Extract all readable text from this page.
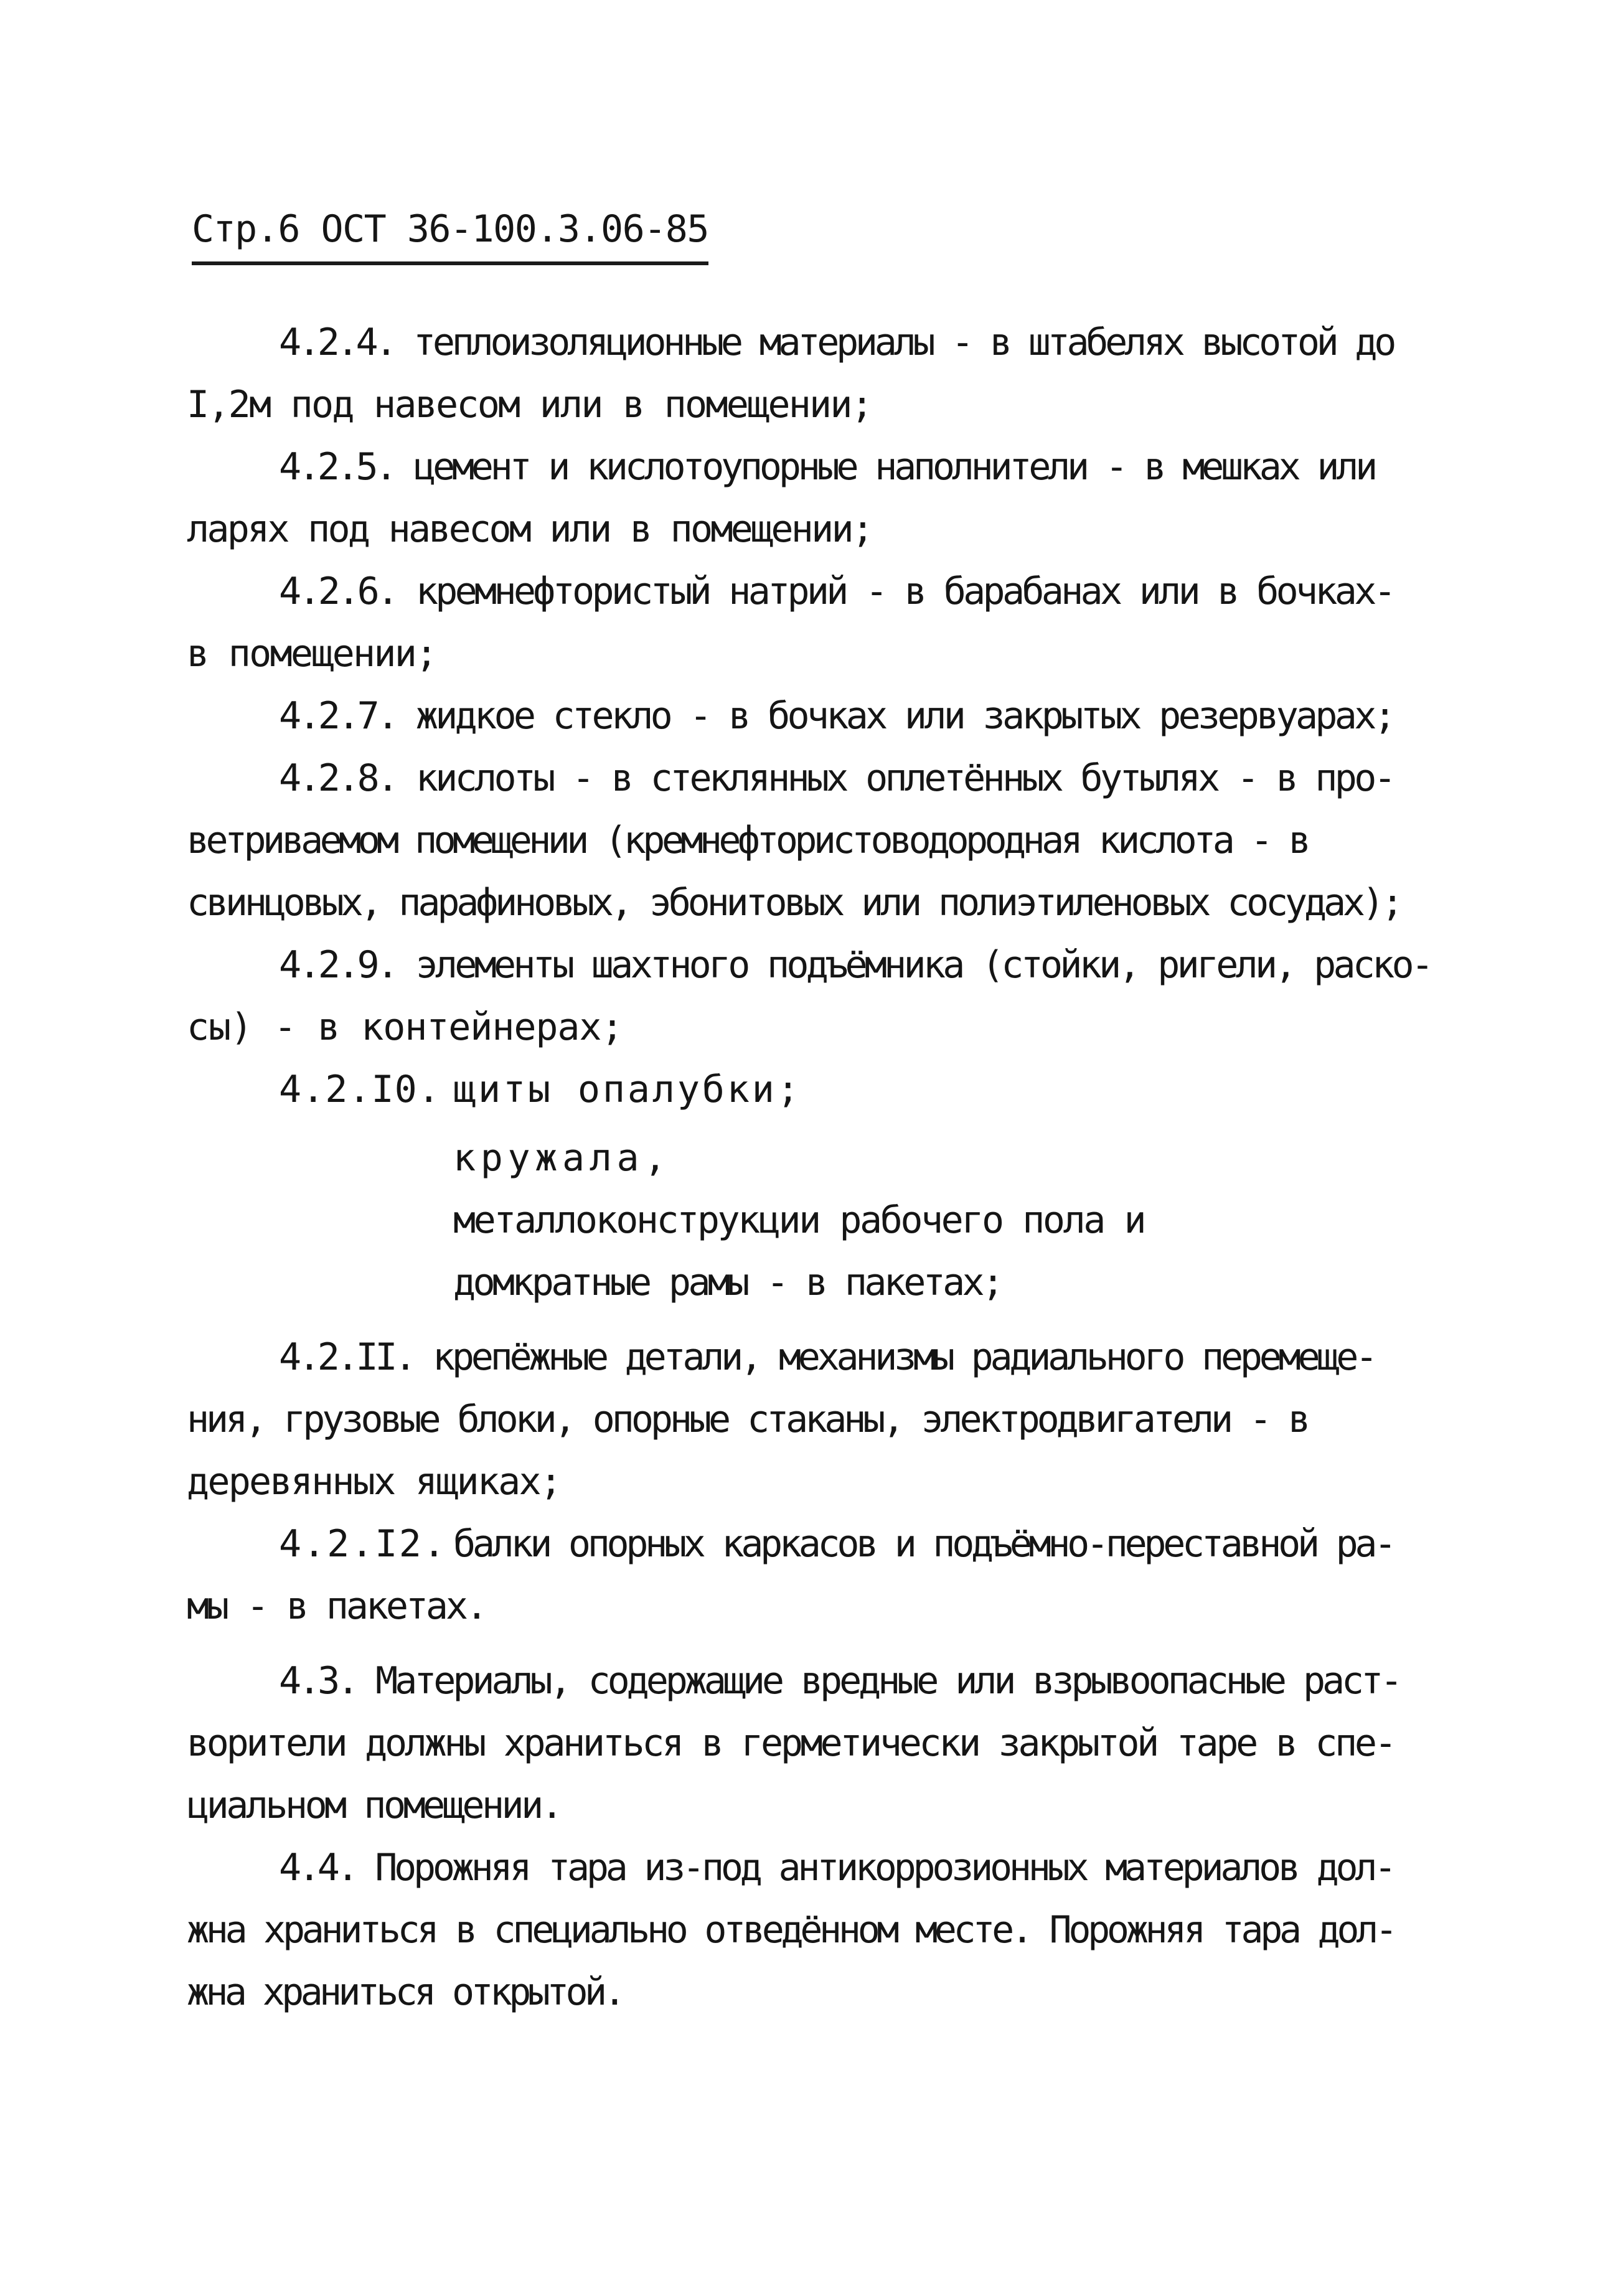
Стр.6 ОСТ 36-100.3.06-85
4.2.4. теплоизоляционные материалы - в штабелях высотой до
I,2м под навесом или в помещении;
4.2.5. цемент и кислотоупорные наполнители - в мешках или
ларях под навесом или в помещении;
4.2.6. кремнефтористый натрий - в барабанах или в бочках-
в помещении;
4.2.7. жидкое стекло - в бочках или закрытых резервуарах;
4.2.8. кислоты - в стеклянных оплетённых бутылях - в про-
ветриваемом помещении (кремнефтористоводородная кислота - в
свинцовых, парафиновых, эбонитовых или полиэтиленовых сосудах);
4.2.9. элементы шахтного подъёмника (стойки, ригели, раско-
сы) - в контейнерах;
4.2.I0. щиты опалубки;
кружала,
металлоконструкции рабочего пола и
домкратные рамы - в пакетах;
4.2.II. крепёжные детали, механизмы радиального перемеще-
ния, грузовые блоки, опорные стаканы, электродвигатели - в
деревянных ящиках;
4.2.I2. балки опорных каркасов и подъёмно-переставной ра-
мы - в пакетах.
4.3. Материалы, содержащие вредные или взрывоопасные раст-
ворители должны храниться в герметически закрытой таре в спе-
циальном помещении.
4.4. Порожняя тара из-под антикоррозионных материалов дол-
жна храниться в специально отведённом месте. Порожняя тара дол-
жна храниться открытой.
